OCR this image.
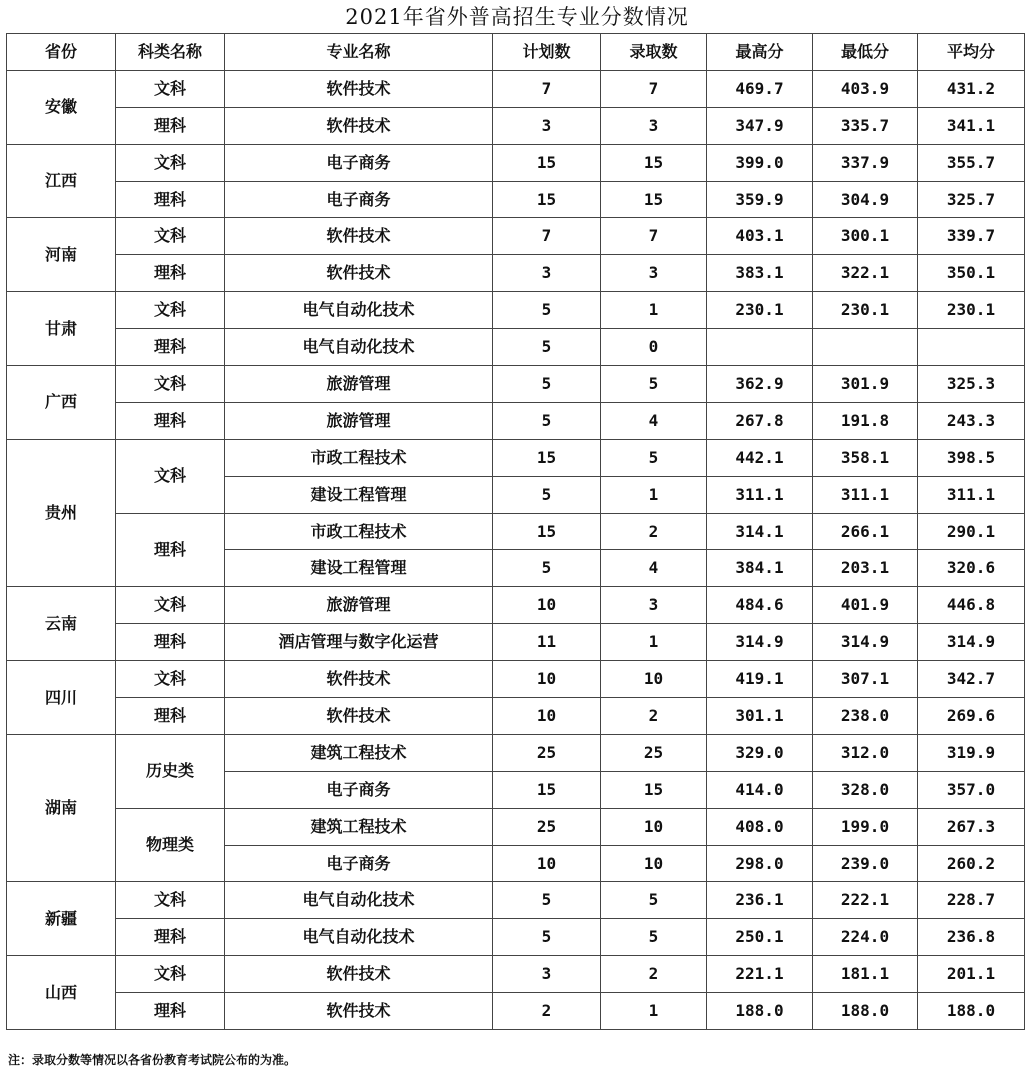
2021年省外普高招生专业分数情况
省份	科类名称	专业名称	计划数	录取数	最高分	最低分	平均分
安徽	文科	软件技术	7	7	469.7	403.9	431.2
	理科	软件技术	3	3	347.9	335.7	341.1
江西	文科	电子商务	15	15	399.0	337.9	355.7
	理科	电子商务	15	15	359.9	304.9	325.7
河南	文科	软件技术	7	7	403.1	300.1	339.7
	理科	软件技术	3	3	383.1	322.1	350.1
甘肃	文科	电气自动化技术	5	1	230.1	230.1	230.1
	理科	电气自动化技术	5	0			
广西	文科	旅游管理	5	5	362.9	301.9	325.3
	理科	旅游管理	5	4	267.8	191.8	243.3
贵州	文科	市政工程技术	15	5	442.1	358.1	398.5
		建设工程管理	5	1	311.1	311.1	311.1
	理科	市政工程技术	15	2	314.1	266.1	290.1
		建设工程管理	5	4	384.1	203.1	320.6
云南	文科	旅游管理	10	3	484.6	401.9	446.8
	理科	酒店管理与数字化运营	11	1	314.9	314.9	314.9
四川	文科	软件技术	10	10	419.1	307.1	342.7
	理科	软件技术	10	2	301.1	238.0	269.6
湖南	历史类	建筑工程技术	25	25	329.0	312.0	319.9
		电子商务	15	15	414.0	328.0	357.0
	物理类	建筑工程技术	25	10	408.0	199.0	267.3
		电子商务	10	10	298.0	239.0	260.2
新疆	文科	电气自动化技术	5	5	236.1	222.1	228.7
	理科	电气自动化技术	5	5	250.1	224.0	236.8
山西	文科	软件技术	3	2	221.1	181.1	201.1
	理科	软件技术	2	1	188.0	188.0	188.0
注：录取分数等情况以各省份教育考试院公布的为准。
